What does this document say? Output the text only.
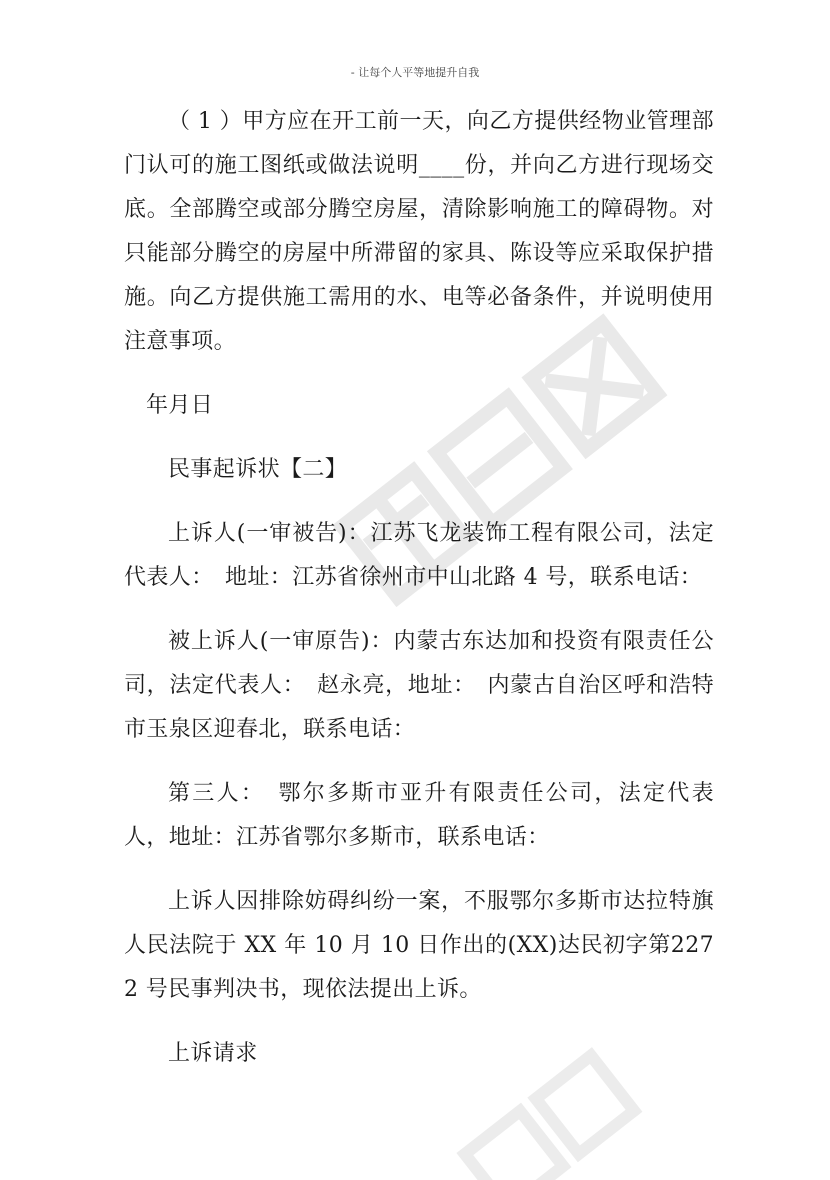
- 让每个人平等地提升自我

（ 1 ）甲方应在开工前一天，向乙方提供经物业管理部门认可的施工图纸或做法说明____份，并向乙方进行现场交底。全部腾空或部分腾空房屋，清除影响施工的障碍物。对只能部分腾空的房屋中所滞留的家具、陈设等应采取保护措施。向乙方提供施工需用的水、电等必备条件，并说明使用注意事项。

年月日

民事起诉状【二】

上诉人(一审被告)：江苏飞龙装饰工程有限公司，法定代表人：　地址：江苏省徐州市中山北路 4 号，联系电话：

被上诉人(一审原告)：内蒙古东达加和投资有限责任公司，法定代表人：　赵永亮，地址：　内蒙古自治区呼和浩特市玉泉区迎春北，联系电话：

第三人：　鄂尔多斯市亚升有限责任公司，法定代表人，地址：江苏省鄂尔多斯市，联系电话：

上诉人因排除妨碍纠纷一案，不服鄂尔多斯市达拉特旗人民法院于 XX 年 10 月 10 日作出的(XX)达民初字第2272 号民事判决书，现依法提出上诉。

上诉请求
